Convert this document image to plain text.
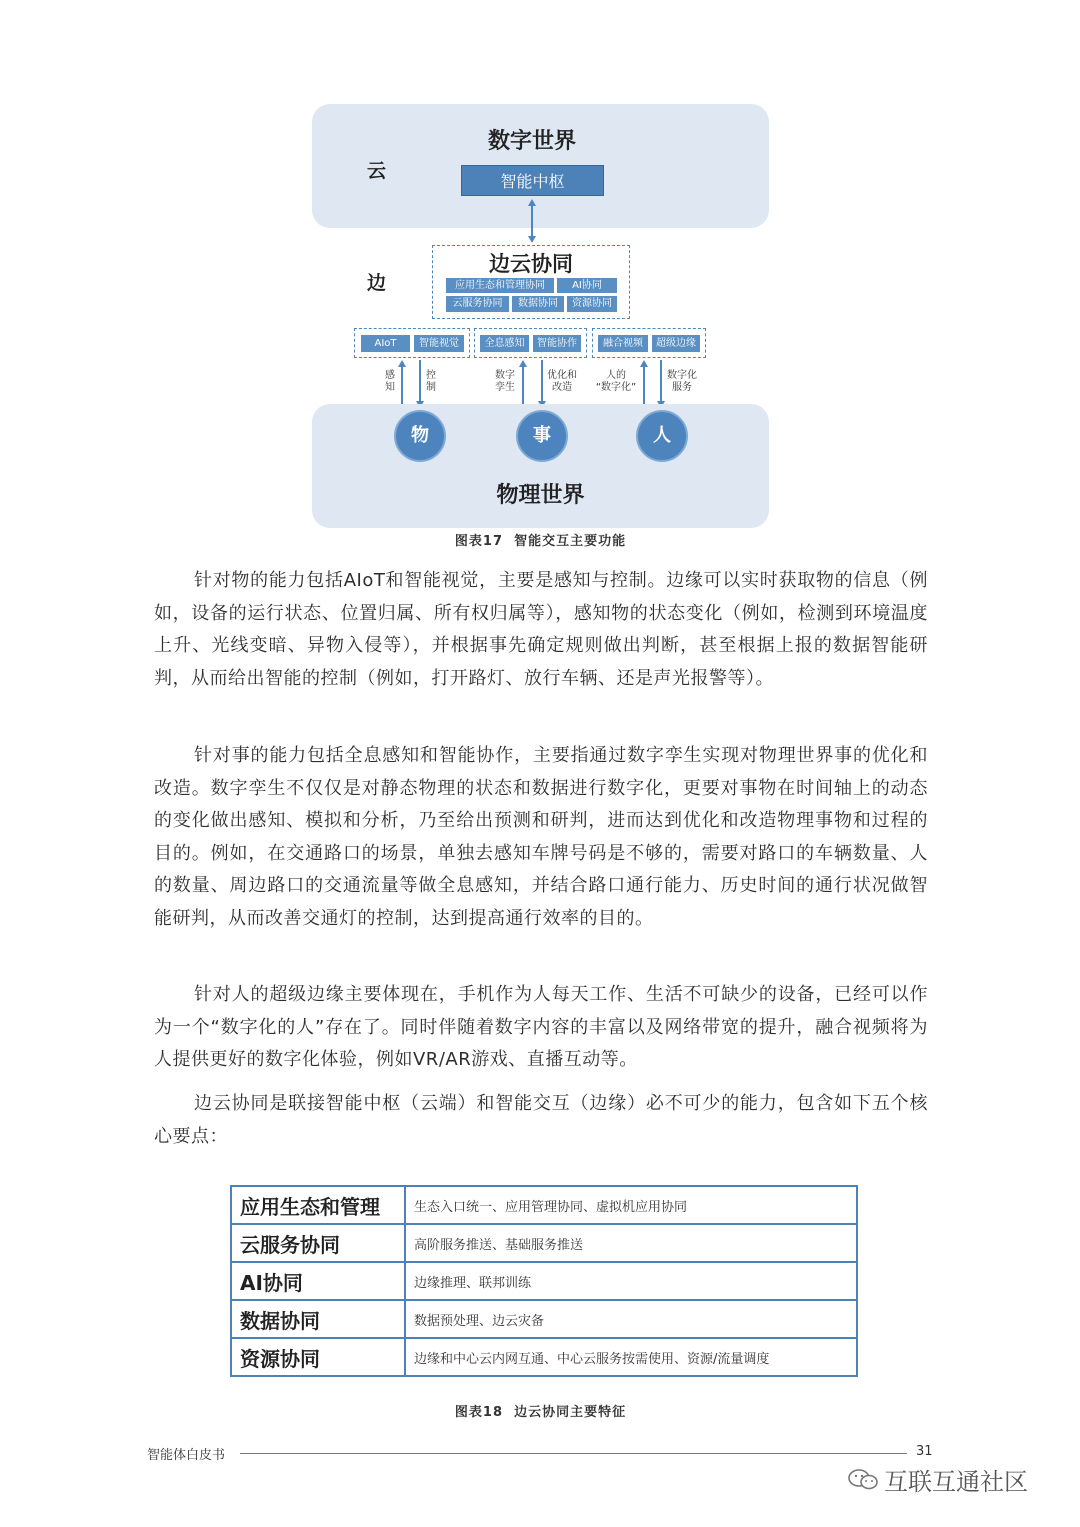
数字世界
云	智能中枢
边
边云协同
应用生态和管理协同	AI协同
云服务协同	数据协同	资源协同
AIoT	智能视觉	全息感知	智能协作	融合视频	超级边缘
感
知
控
制
数字
孪生
优化和
改造
人的
“数字化”
数字化
服务
物	事	人
物理世界
图表17  智能交互主要功能
针对物的能力包括AIoT和智能视觉，主要是感知与控制。边缘可以实时获取物的信息（例如，设备的运行状态、位置归属、所有权归属等），感知物的状态变化（例如，检测到环境温度上升、光线变暗、异物入侵等），并根据事先确定规则做出判断，甚至根据上报的数据智能研判，从而给出智能的控制（例如，打开路灯、放行车辆、还是声光报警等）。
针对事的能力包括全息感知和智能协作，主要指通过数字孪生实现对物理世界事的优化和改造。数字孪生不仅仅是对静态物理的状态和数据进行数字化，更要对事物在时间轴上的动态的变化做出感知、模拟和分析，乃至给出预测和研判，进而达到优化和改造物理事物和过程的目的。例如，在交通路口的场景，单独去感知车牌号码是不够的，需要对路口的车辆数量、人的数量、周边路口的交通流量等做全息感知，并结合路口通行能力、历史时间的通行状况做智能研判，从而改善交通灯的控制，达到提高通行效率的目的。
针对人的超级边缘主要体现在，手机作为人每天工作、生活不可缺少的设备，已经可以作为一个“数字化的人”存在了。同时伴随着数字内容的丰富以及网络带宽的提升，融合视频将为人提供更好的数字化体验，例如VR/AR游戏、直播互动等。
边云协同是联接智能中枢（云端）和智能交互（边缘）必不可少的能力，包含如下五个核心要点：
应用生态和管理	生态入口统一、应用管理协同、虚拟机应用协同
云服务协同	高阶服务推送、基础服务推送
AI协同	边缘推理、联邦训练
数据协同	数据预处理、边云灾备
资源协同	边缘和中心云内网互通、中心云服务按需使用、资源/流量调度
图表18  边云协同主要特征
智能体白皮书	31
互联互通社区
